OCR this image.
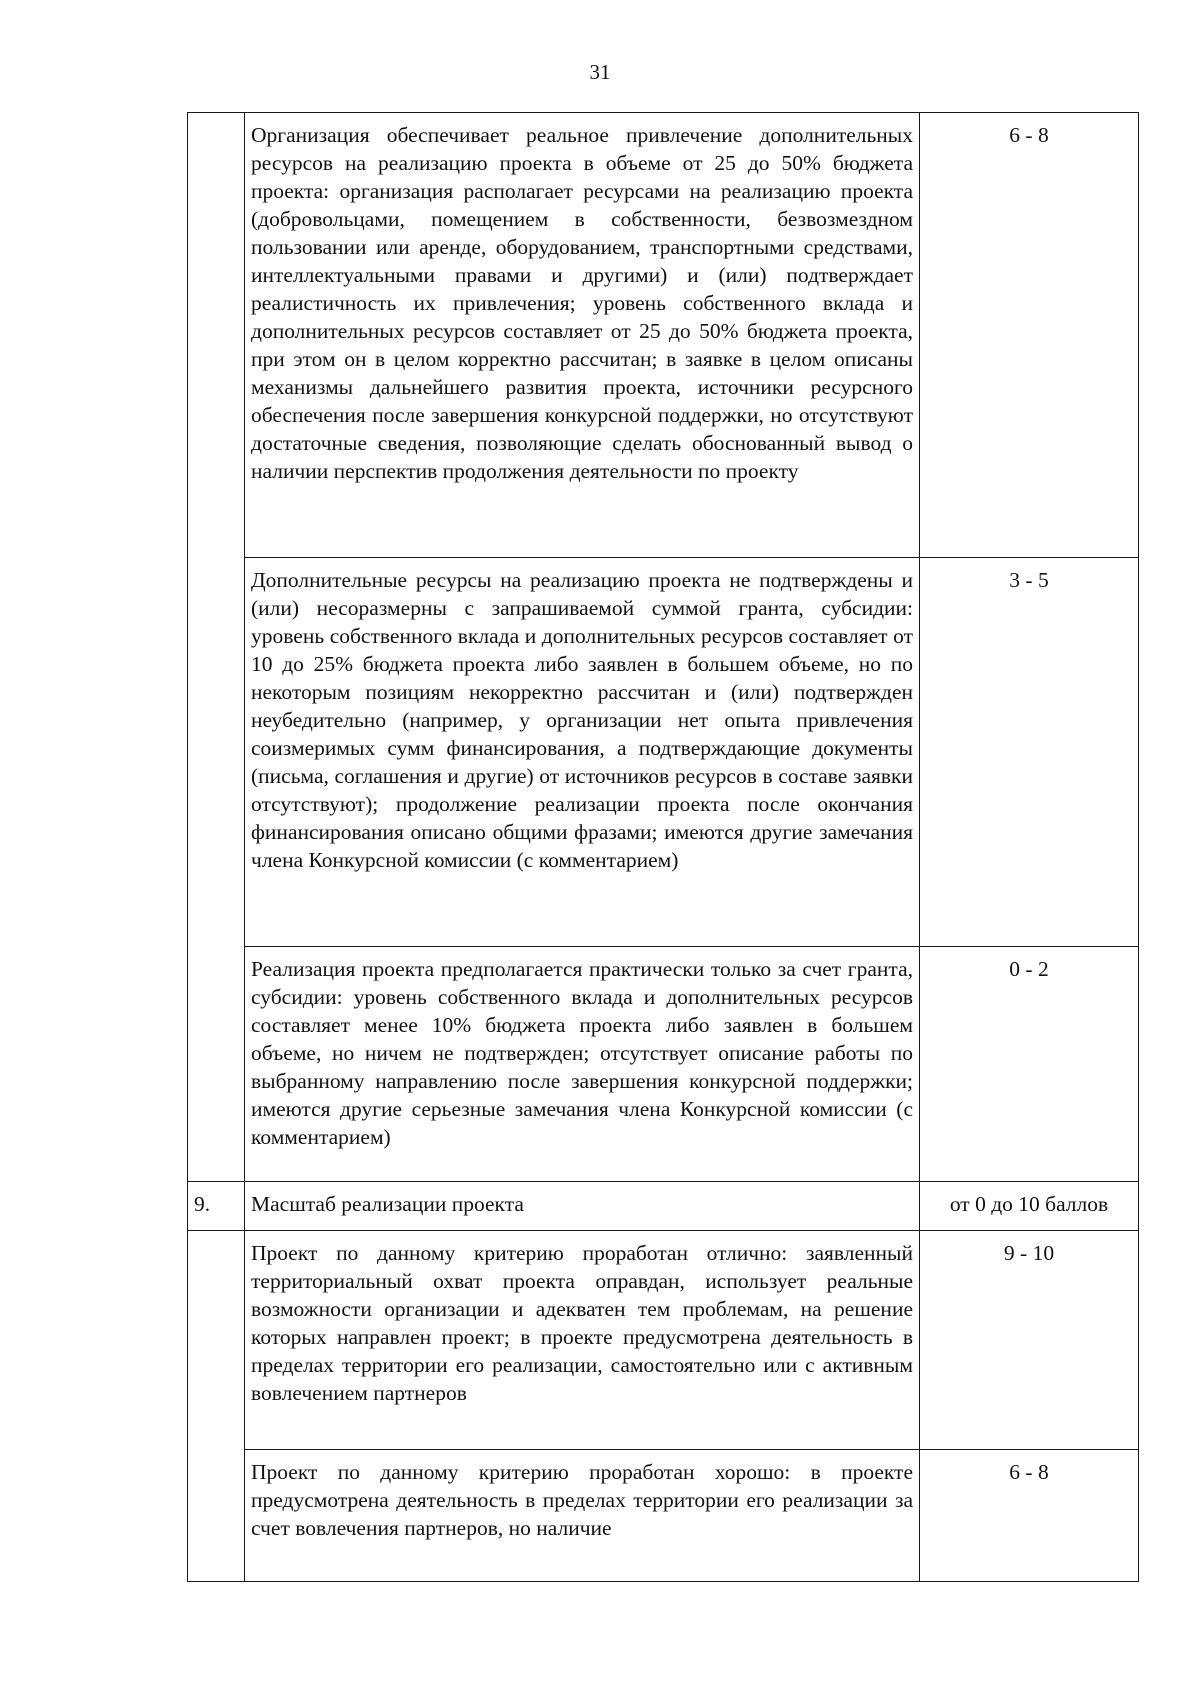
31
	Организация обеспечивает реальное привлечение дополнительных ресурсов на реализацию проекта в объеме от 25 до 50% бюджета проекта: организация располагает ресурсами на реализацию проекта (добровольцами, помещением в собственности, безвозмездном пользовании или аренде, оборудованием, транспортными средствами, интеллектуальными правами и другими) и (или) подтверждает реалистичность их привлечения; уровень собственного вклада и дополнительных ресурсов составляет от 25 до 50% бюджета проекта, при этом он в целом корректно рассчитан; в заявке в целом описаны механизмы дальнейшего развития проекта, источники ресурсного обеспечения после завершения конкурсной поддержки, но отсутствуют достаточные сведения, позволяющие сделать обоснованный вывод о наличии перспектив продолжения деятельности по проекту	6 - 8
	Дополнительные ресурсы на реализацию проекта не подтверждены и (или) несоразмерны с запрашиваемой суммой гранта, субсидии: уровень собственного вклада и дополнительных ресурсов составляет от 10 до 25% бюджета проекта либо заявлен в большем объеме, но по некоторым позициям некорректно рассчитан и (или) подтвержден неубедительно (например, у организации нет опыта привлечения соизмеримых сумм финансирования, а подтверждающие документы (письма, соглашения и другие) от источников ресурсов в составе заявки отсутствуют); продолжение реализации проекта после окончания финансирования описано общими фразами; имеются другие замечания члена Конкурсной комиссии (с комментарием)	3 - 5
	Реализация проекта предполагается практически только за счет гранта, субсидии: уровень собственного вклада и дополнительных ресурсов составляет менее 10% бюджета проекта либо заявлен в большем объеме, но ничем не подтвержден; отсутствует описание работы по выбранному направлению после завершения конкурсной поддержки; имеются другие серьезные замечания члена Конкурсной комиссии (с комментарием)	0 - 2
9.	Масштаб реализации проекта	от 0 до 10 баллов
	Проект по данному критерию проработан отлично: заявленный территориальный охват проекта оправдан, использует реальные возможности организации и адекватен тем проблемам, на решение которых направлен проект; в проекте предусмотрена деятельность в пределах территории его реализации, самостоятельно или с активным вовлечением партнеров	9 - 10
	Проект по данному критерию проработан хорошо: в проекте предусмотрена деятельность в пределах территории его реализации за счет вовлечения партнеров, но наличие	6 - 8
